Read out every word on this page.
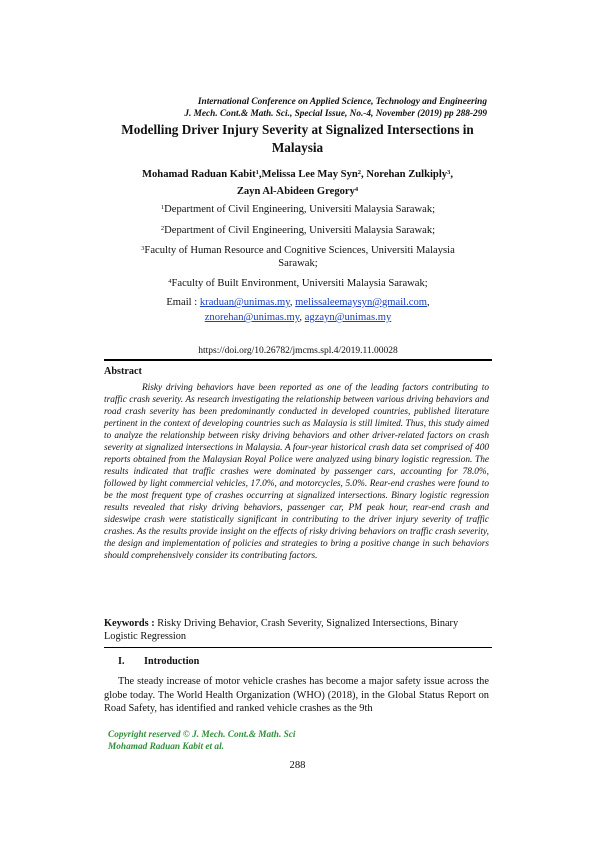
International Conference on Applied Science, Technology and Engineering
J. Mech. Cont.& Math. Sci., Special Issue, No.-4, November (2019) pp 288-299
Modelling Driver Injury Severity at Signalized Intersections in
Malaysia
Mohamad Raduan Kabit$^1$,Melissa Lee May Syn$^2$, Norehan Zulkiply$^3$,
Zayn Al-Abideen Gregory$^4$
$^1$Department of Civil Engineering, Universiti Malaysia Sarawak;
$^2$Department of Civil Engineering, Universiti Malaysia Sarawak;
$^3$Faculty of Human Resource and Cognitive Sciences, Universiti Malaysia
Sarawak;
$^4$Faculty of Built Environment, Universiti Malaysia Sarawak;
Email : kraduan@unimas.my, melissaleemaysyn@gmail.com,
znorehan@unimas.my, agzayn@unimas.my
https://doi.org/10.26782/jmcms.spl.4/2019.11.00028
Abstract
Risky driving behaviors have been reported as one of the leading factors contributing to traffic crash severity. As research investigating the relationship between various driving behaviors and road crash severity has been predominantly conducted in developed countries, published literature pertinent in the context of developing countries such as Malaysia is still limited. Thus, this study aimed to analyze the relationship between risky driving behaviors and other driver-related factors on crash severity at signalized intersections in Malaysia. A four-year historical crash data set comprised of 400 reports obtained from the Malaysian Royal Police were analyzed using binary logistic regression. The results indicated that traffic crashes were dominated by passenger cars, accounting for 78.0%, followed by light commercial vehicles, 17.0%, and motorcycles, 5.0%. Rear-end crashes were found to be the most frequent type of crashes occurring at signalized intersections. Binary logistic regression results revealed that risky driving behaviors, passenger car, PM peak hour, rear-end crash and sideswipe crash were statistically significant in contributing to the driver injury severity of traffic crashes. As the results provide insight on the effects of risky driving behaviors on traffic crash severity, the design and implementation of policies and strategies to bring a positive change in such behaviors should comprehensively consider its contributing factors.
Keywords : Risky Driving Behavior, Crash Severity, Signalized Intersections, Binary Logistic Regression
I. Introduction
The steady increase of motor vehicle crashes has become a major safety issue across the globe today. The World Health Organization (WHO) (2018), in the Global Status Report on Road Safety, has identified and ranked vehicle crashes as the 9th
Copyright reserved © J. Mech. Cont.& Math. Sci
Mohamad Raduan Kabit et al.
288
